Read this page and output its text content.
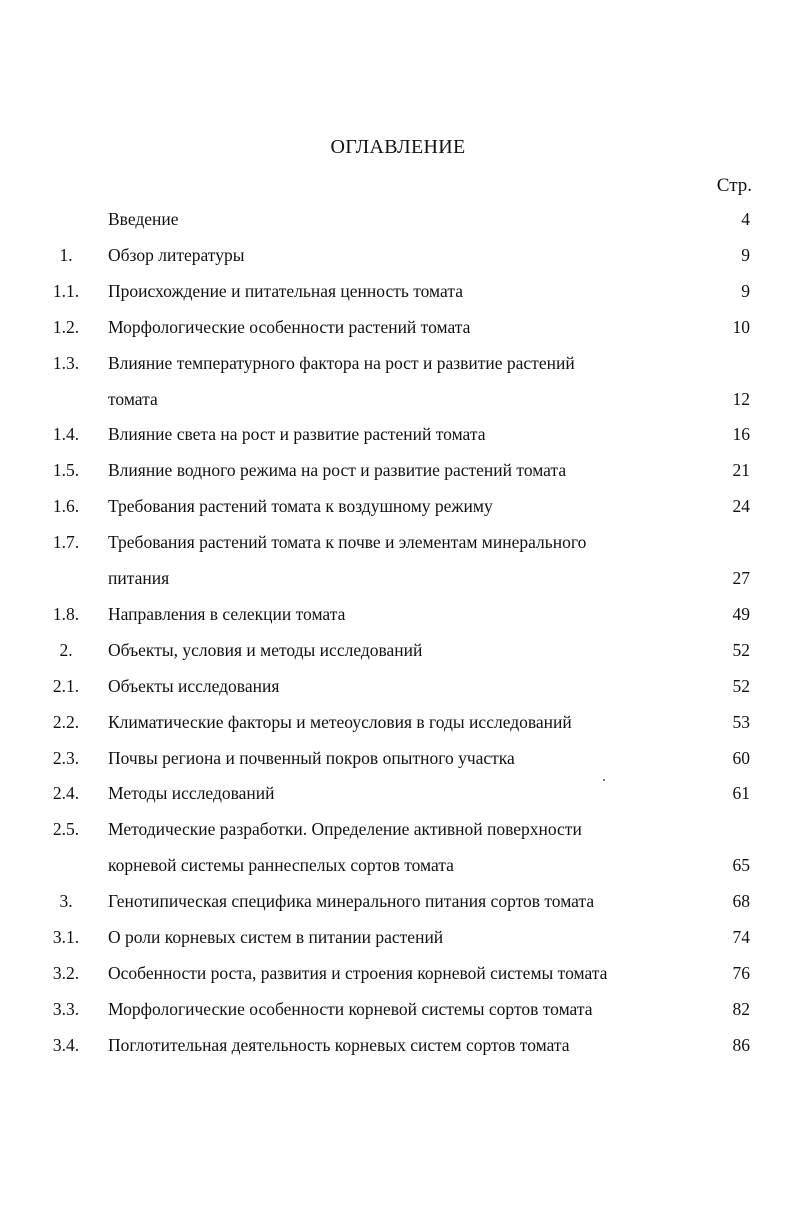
ОГЛАВЛЕНИЕ
Стр.
Введение	4
1.	Обзор литературы	9
1.1.	Происхождение и питательная ценность томата	9
1.2.	Морфологические особенности растений томата	10
1.3.	Влияние температурного фактора на рост и развитие растений
томата	12
1.4.	Влияние света на рост и развитие растений томата	16
1.5.	Влияние водного режима на рост и развитие растений томата	21
1.6.	Требования растений томата к воздушному режиму	24
1.7.	Требования растений томата к почве и элементам минерального
питания	27
1.8.	Направления в селекции томата	49
2.	Объекты, условия и методы исследований	52
2.1.	Объекты исследования	52
2.2.	Климатические факторы и метеоусловия в годы исследований	53
2.3.	Почвы региона и почвенный покров опытного участка	60
2.4.	Методы исследований	61
2.5.	Методические разработки. Определение активной поверхности
корневой системы раннеспелых сортов томата	65
3.	Генотипическая специфика минерального питания сортов томата	68
3.1.	О роли корневых систем в питании растений	74
3.2.	Особенности роста, развития и строения корневой системы томата	76
3.3.	Морфологические особенности корневой системы сортов томата	82
3.4.	Поглотительная деятельность корневых систем сортов томата	86
